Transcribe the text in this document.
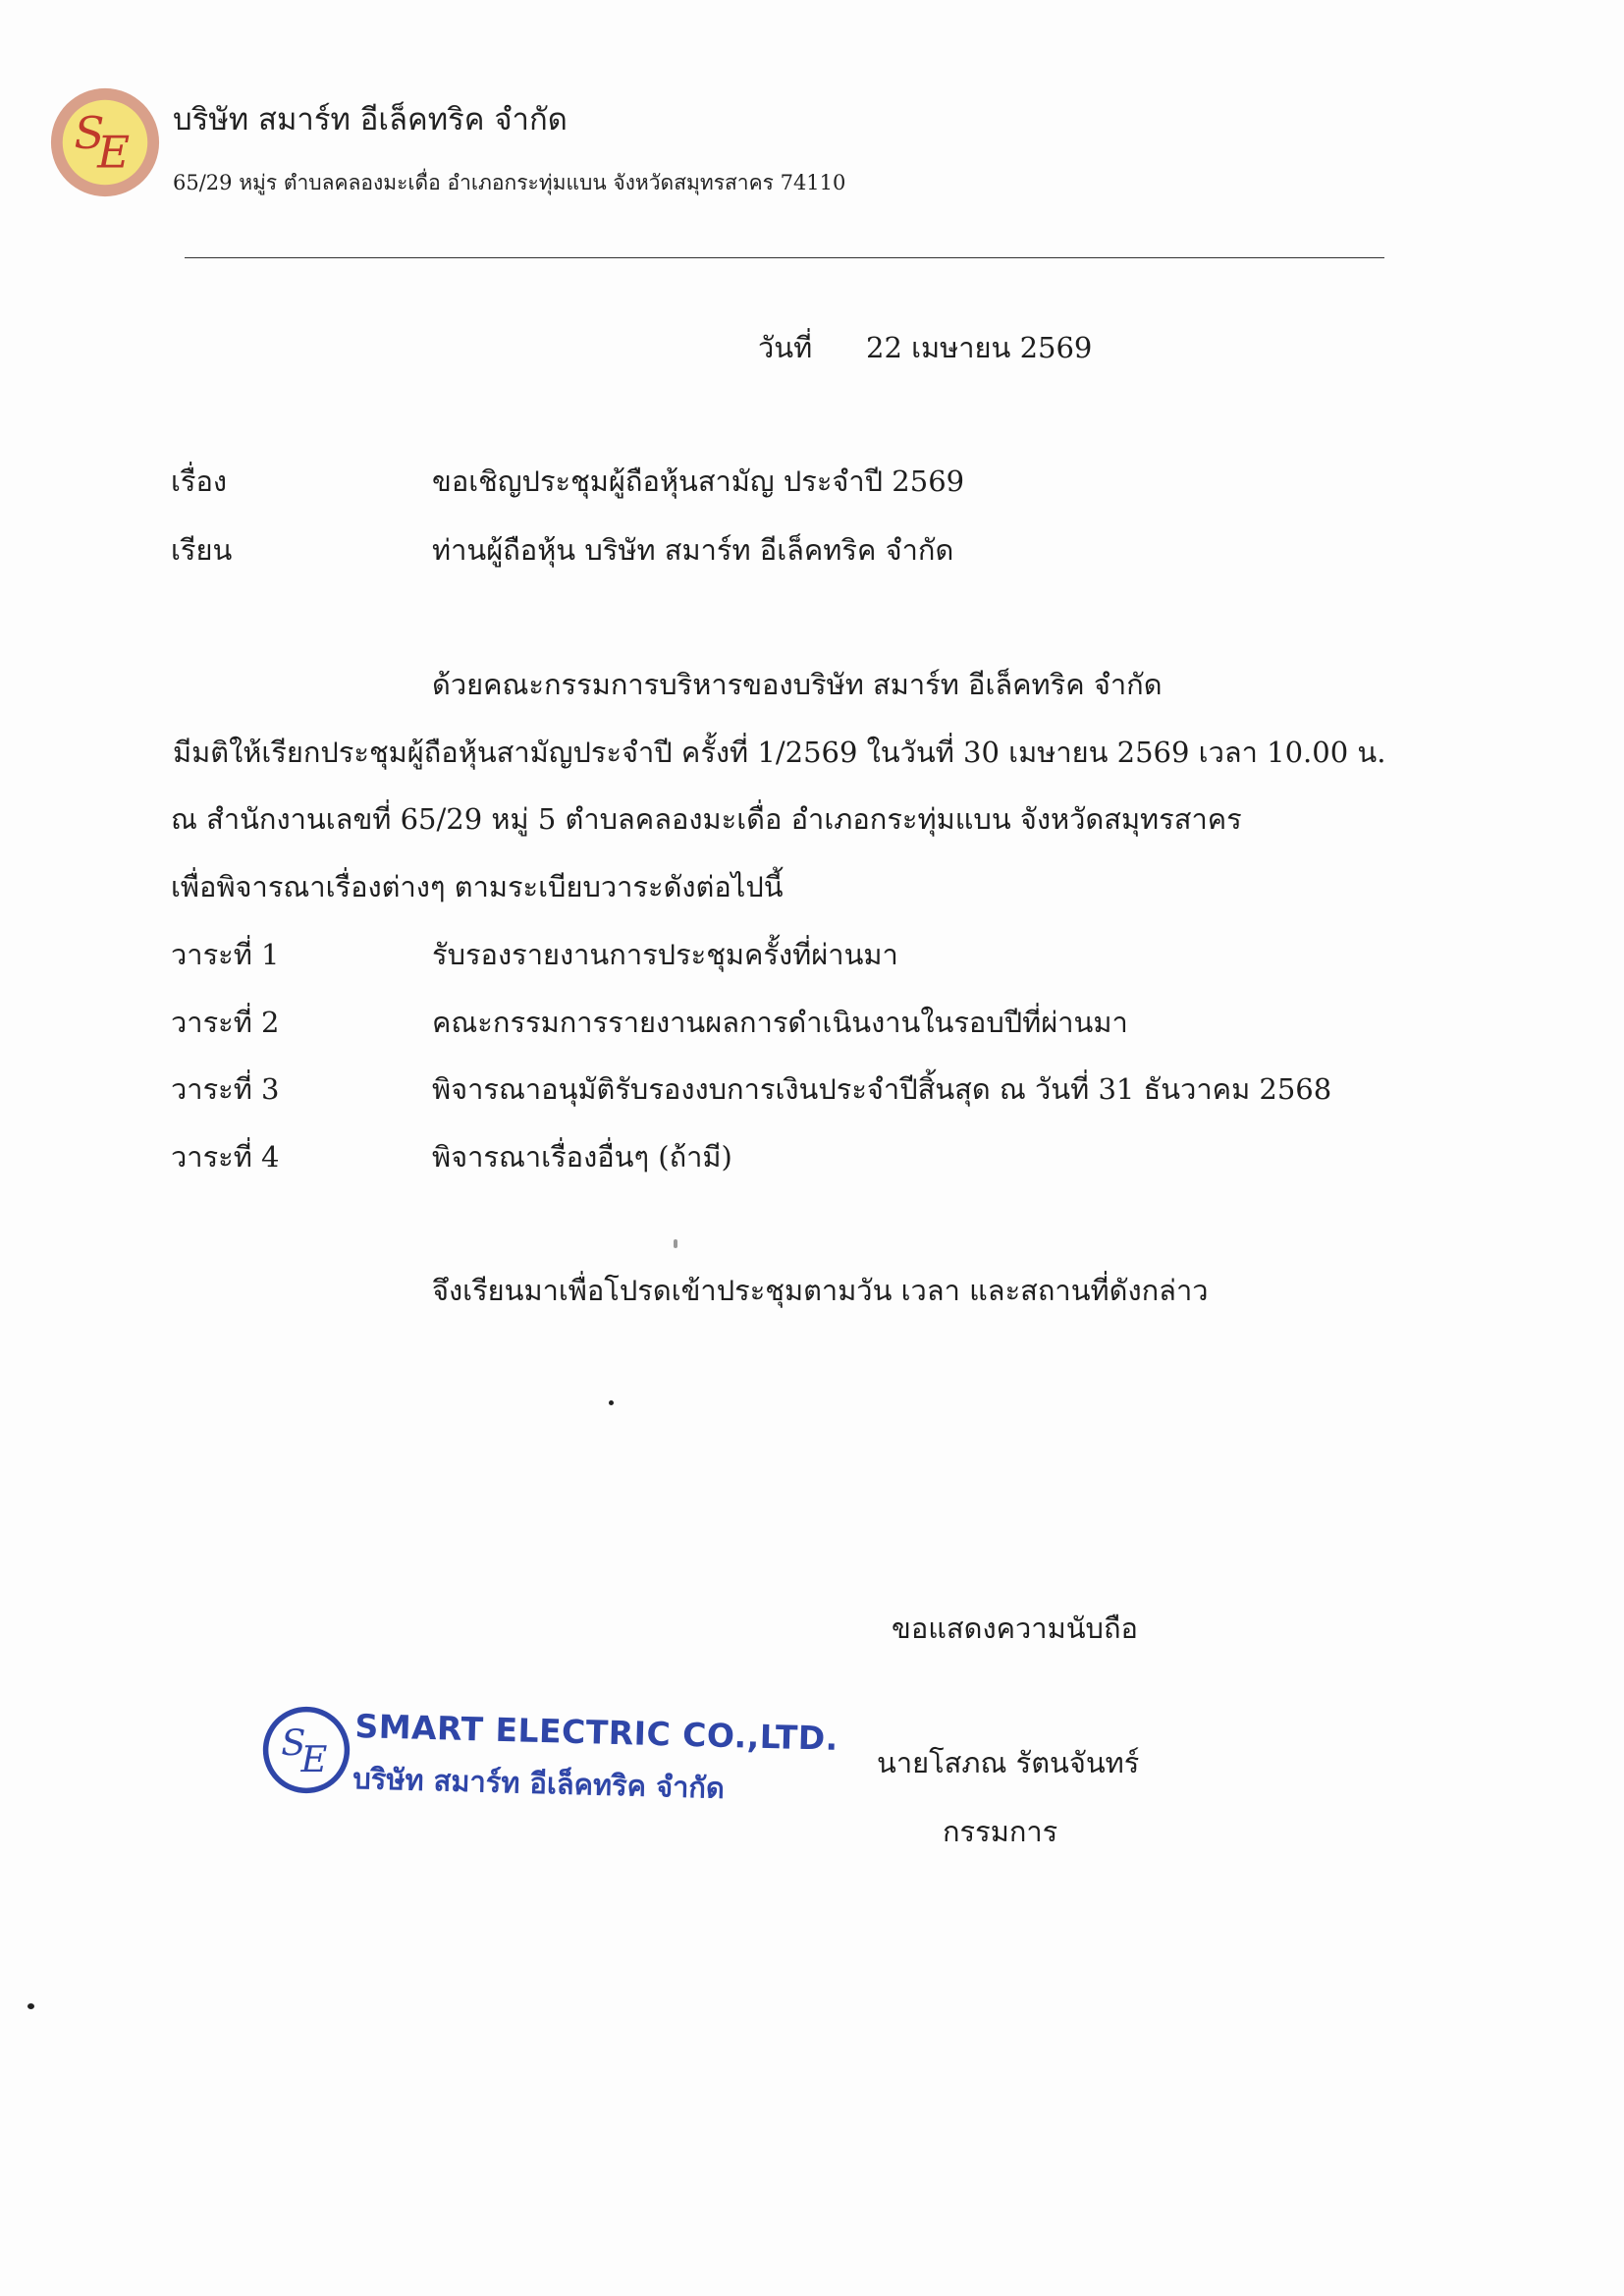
S
E
บริษัท สมาร์ท อีเล็คทริค จำกัด
65/29 หมู่ร ตำบลคลองมะเดื่อ อำเภอกระทุ่มแบน จังหวัดสมุทรสาคร 74110
วันที่ 22 เมษายน 2569
เรื่อง	ขอเชิญประชุมผู้ถือหุ้นสามัญ ประจำปี 2569
เรียน	ท่านผู้ถือหุ้น บริษัท สมาร์ท อีเล็คทริค จำกัด
ด้วยคณะกรรมการบริหารของบริษัท สมาร์ท อีเล็คทริค จำกัด
มีมติให้เรียกประชุมผู้ถือหุ้นสามัญประจำปี ครั้งที่ 1/2569 ในวันที่ 30 เมษายน 2569 เวลา 10.00 น.
ณ สำนักงานเลขที่ 65/29 หมู่ 5 ตำบลคลองมะเดื่อ อำเภอกระทุ่มแบน จังหวัดสมุทรสาคร
เพื่อพิจารณาเรื่องต่างๆ ตามระเบียบวาระดังต่อไปนี้
วาระที่ 1	รับรองรายงานการประชุมครั้งที่ผ่านมา
วาระที่ 2	คณะกรรมการรายงานผลการดำเนินงานในรอบปีที่ผ่านมา
วาระที่ 3	พิจารณาอนุมัติรับรองงบการเงินประจำปีสิ้นสุด ณ วันที่ 31 ธันวาคม 2568
วาระที่ 4	พิจารณาเรื่องอื่นๆ (ถ้ามี)
จึงเรียนมาเพื่อโปรดเข้าประชุมตามวัน เวลา และสถานที่ดังกล่าว
ขอแสดงความนับถือ
นายโสภณ รัตนจันทร์
กรรมการ
S
E
SMART ELECTRIC CO.,LTD.
บริษัท สมาร์ท อีเล็คทริค จำกัด
